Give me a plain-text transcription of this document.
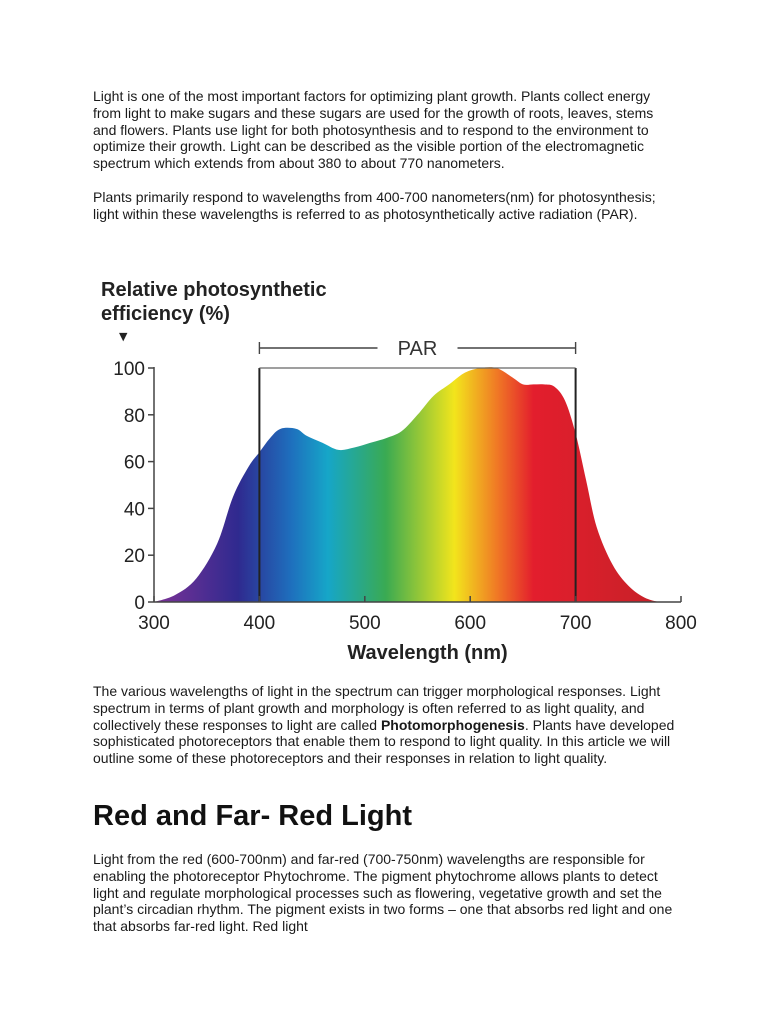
Light is one of the most important factors for optimizing plant growth. Plants collect energy from light to make sugars and these sugars are used for the growth of roots, leaves, stems and flowers. Plants use light for both photosynthesis and to respond to the environment to optimize their growth. Light can be described as the visible portion of the electromagnetic spectrum which extends from about 380 to about 770 nanometers.

Plants primarily respond to wavelengths from 400-700 nanometers(nm) for photosynthesis; light within these wavelengths is referred to as photosynthetically active radiation (PAR).

Relative photosynthetic
efficiency (%)
▼
PAR
0
20
40
60
80
100
300	400	500	600	700	800
Wavelength (nm)

The various wavelengths of light in the spectrum can trigger morphological responses. Light spectrum in terms of plant growth and morphology is often referred to as light quality, and collectively these responses to light are called Photomorphogenesis. Plants have developed sophisticated photoreceptors that enable them to respond to light quality. In this article we will outline some of these photoreceptors and their responses in relation to light quality.

Red and Far- Red Light

Light from the red (600-700nm) and far-red (700-750nm) wavelengths are responsible for enabling the photoreceptor Phytochrome. The pigment phytochrome allows plants to detect light and regulate morphological processes such as flowering, vegetative growth and set the plant’s circadian rhythm. The pigment exists in two forms – one that absorbs red light and one that absorbs far-red light. Red light
